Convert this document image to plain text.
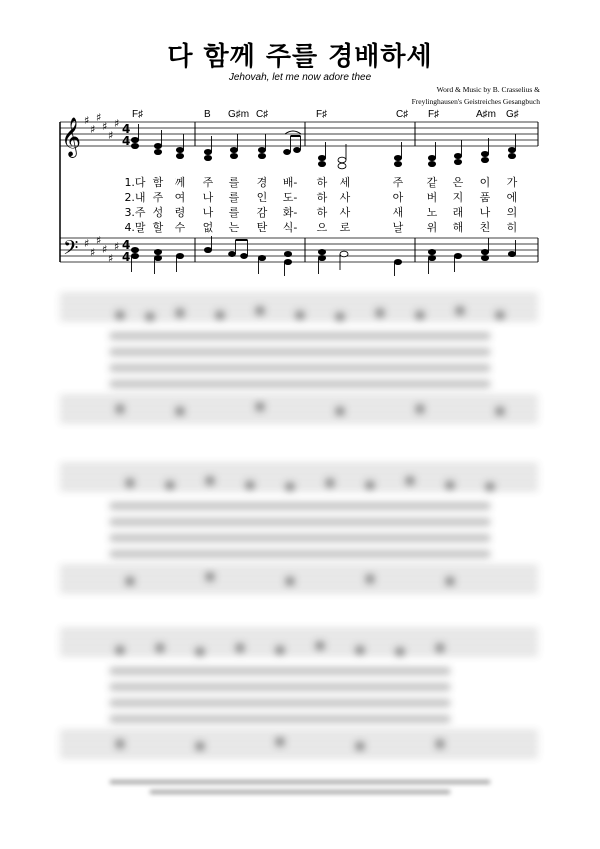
다 함께 주를 경배하세
Jehovah, let me now adore thee
Word & Music by B. Crasselius &
Freylinghausen's Geistreiches Gesangbuch
𝄞
𝄢
♯
♯
♯
♯
♯
♯
♯
♯
♯
♯
♯
♯
4
4
4
4
F♯	B G♯m C♯	F♯	C♯ F♯	A♯m G♯
1.다 함 께 주 를 경 배- 하 세	주 같 은 이 가
2.내 주 여 나 를 인 도- 하 사	아 버 지 품 에
3.주 성 령 나 를 감 화- 하 사	새 노 래 나 의
4.말 할 수 없 는 탄 식- 으 로	날 위 해 친 히
